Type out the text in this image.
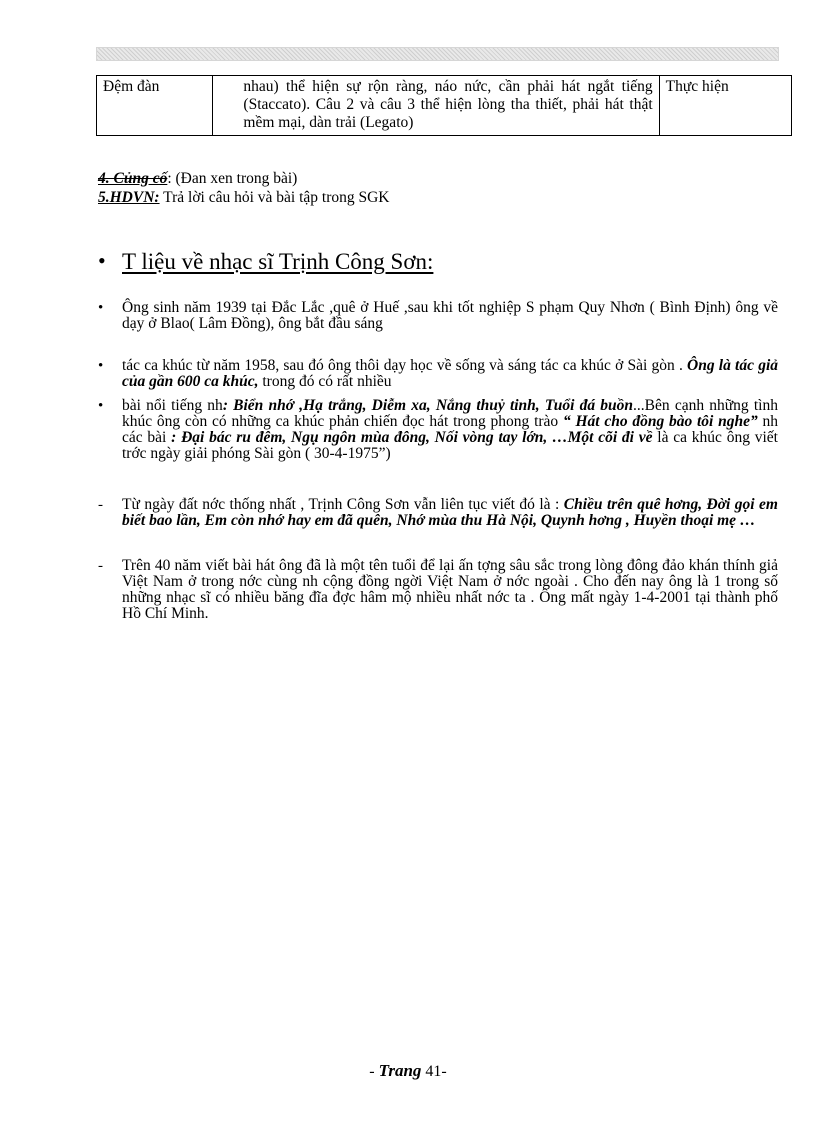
Đệm đàn	nhau) thể hiện sự rộn ràng, náo nức, cần phải hát ngắt tiếng (Staccato). Câu 2 và câu 3 thể hiện lòng tha thiết, phải hát thật mềm mại, dàn trải (Legato)	Thực hiện
4. Củng cố: (Đan xen trong bài)
5.HDVN: Trả lời câu hỏi và bài tập trong SGK
• T liệu về nhạc sĩ Trịnh Công Sơn:
•	Ông sinh năm 1939 tại Đắc Lắc ,quê ở Huế ,sau khi tốt nghiệp S phạm Quy Nhơn ( Bình Định) ông về dạy ở Blao( Lâm Đồng), ông bắt đầu sáng
•	tác ca khúc từ năm 1958, sau đó ông thôi dạy học về sống và sáng tác ca khúc ở Sài gòn . Ông là tác giả của gần 600 ca khúc, trong đó có rất nhiều
•	bài nổi tiếng nh: Biển nhớ ,Hạ trắng, Diễm xa, Nắng thuỷ tinh, Tuổi đá buồn...Bên cạnh những tình khúc ông còn có những ca khúc phản chiến đọc hát trong phong trào “ Hát cho đồng bào tôi nghe” nh các bài : Đại bác ru đêm, Ngụ ngôn mùa đông, Nối vòng tay lớn, …Một cõi đi về là ca khúc ông viết trớc ngày giải phóng Sài gòn ( 30-4-1975”)
-	Từ ngày đất nớc thống nhất , Trịnh Công Sơn vẫn liên tục viết đó là : Chiều trên quê hơng, Đời gọi em biết bao lần, Em còn nhớ hay em đã quên, Nhớ mùa thu Hà Nội, Quynh hơng , Huyền thoại mẹ …
-	Trên 40 năm viết bài hát ông đã là một tên tuổi để lại ấn tợng sâu sắc trong lòng đông đảo khán thính giả Việt Nam ở trong nớc cùng nh cộng đồng ngời Việt Nam ở nớc ngoài . Cho đến nay ông là 1 trong số những nhạc sĩ có nhiều băng đĩa đợc hâm mộ nhiều nhất nớc ta . Ông mất ngày 1-4-2001 tại thành phố Hồ Chí Minh.
- Trang 41-
